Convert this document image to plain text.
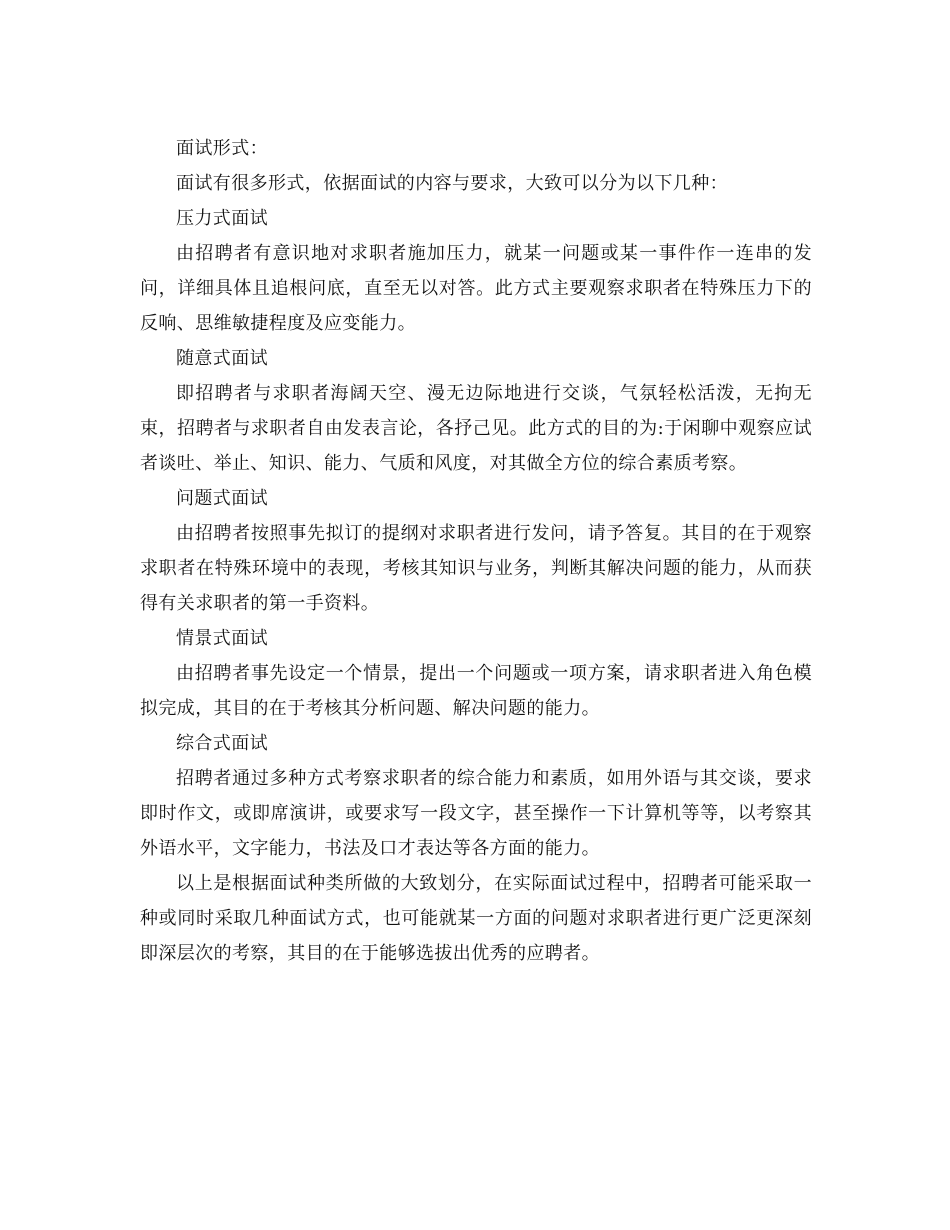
面试形式：

面试有很多形式，依据面试的内容与要求，大致可以分为以下几种：

压力式面试

由招聘者有意识地对求职者施加压力，就某一问题或某一事件作一连串的发问，详细具体且追根问底，直至无以对答。此方式主要观察求职者在特殊压力下的反响、思维敏捷程度及应变能力。

随意式面试

即招聘者与求职者海阔天空、漫无边际地进行交谈，气氛轻松活泼，无拘无束，招聘者与求职者自由发表言论，各抒己见。此方式的目的为:于闲聊中观察应试者谈吐、举止、知识、能力、气质和风度，对其做全方位的综合素质考察。

问题式面试

由招聘者按照事先拟订的提纲对求职者进行发问，请予答复。其目的在于观察求职者在特殊环境中的表现，考核其知识与业务，判断其解决问题的能力，从而获得有关求职者的第一手资料。

情景式面试

由招聘者事先设定一个情景，提出一个问题或一项方案，请求职者进入角色模拟完成，其目的在于考核其分析问题、解决问题的能力。

综合式面试

招聘者通过多种方式考察求职者的综合能力和素质，如用外语与其交谈，要求即时作文，或即席演讲，或要求写一段文字，甚至操作一下计算机等等，以考察其外语水平，文字能力，书法及口才表达等各方面的能力。

以上是根据面试种类所做的大致划分，在实际面试过程中，招聘者可能采取一种或同时采取几种面试方式，也可能就某一方面的问题对求职者进行更广泛更深刻即深层次的考察，其目的在于能够选拔出优秀的应聘者。
